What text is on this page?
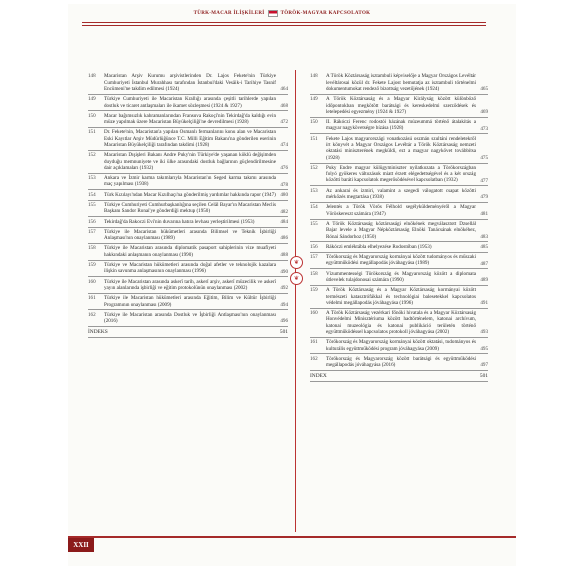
TÜRK-MACAR İLİŞKİLERİ	TÖRÖK-MAGYAR KAPCSOLATOK
148	Macaristan Arşiv Kurumu arşivistlerinden Dr. Lajos Fekete'nin Türkiye Cumhuriyeti İstanbul Murahhası tarafından İstanbul'daki Vesâik-i Tarihiye Tasnif Encümeni'ne takdim edilmesi (1924)	464
149	Türkiye Cumhuriyeti ile Macaristan Krallığı arasında çeşitli tarihlerde yapılan dostluk ve ticaret antlaşmaları ile ikamet sözleşmesi (1924 & 1927)	468
150	Macar bağımsızlık kahramanlarından Fransuva Rakoçi'nin Tekirdağ'da kaldığı evin müze yapılmak üzere Macaristan Büyükelçiliği'ne devredilmesi (1928)	472
151	Dr. Fekete'nin, Macaristan'a yapılan Osmanlı fermanlarını konu alan ve Macaristan Eski Kayıtlar Arşiv Müdürlüğünce T.C. Milli Eğitim Bakanı'na gönderilen eserinin Macaristan Büyükelçiliği tarafından takdimi (1928)	474
152	Macaristan Dışişleri Bakanı Andre Puky'nin Türkiye'de yaşanan köklü değişimden duyduğu memnuniyete ve iki ülke arasındaki dostluk bağlarının güçlendirilmesine dair açıklamaları (1932)	476
153	Ankara ve İzmir karma takımlarıyla Macaristan'ın Seged karma takımı arasında maç yapılması (1938)	478
154	Türk Kızılayı'ndan Macar Kızılhaçı'na gönderilmiş yardımlar hakkında rapor (1947) 480
155	Türkiye Cumhuriyeti Cumhurbaşkanlığına seçilen Celâl Bayar'ın Macaristan Meclis Başkanı Sandor Ronai'ye gönderdiği mektup (1950)	482
156	Tekirdağ'da Rakoczi Evi'nin duvarına hatıra levhası yerleştirilmesi (1953)	484
157	Türkiye ile Macaristan hükümetleri arasında Bilimsel ve Teknik İşbirliği Anlaşması'nın onaylanması (1989)	486
158	Türkiye ile Macaristan arasında diplomatik pasaport sahiplerinin vize muafiyeti hakkındaki anlaşmanın onaylanması (1990)	488
159	Türkiye ve Macaristan hükümetleri arasında doğal afetler ve teknolojik kazalara ilişkin savunma anlaşmasının onaylanması (1996)	490
160	Türkiye ile Macaristan arasında askerî tarih, askerî arşiv, askerî müzecilik ve askerî yayın alanlarında işbirliği ve eğitim protokolünün onaylanması (2002)	492
161	Türkiye ile Macaristan hükümetleri arasında Eğitim, Bilim ve Kültür İşbirliği Programının onaylanması (2009)	494
162	Türkiye ile Macaristan arasında Dostluk ve İşbirliği Antlaşması'nın onaylanması (2016)	496
İNDEKS	501
❦
❦
148	A Török Köztársaság isztambuli képviselője a Magyar Országos Levéltár levéltárosai közül dr. Fekete Lajost bemutatja az isztambuli történelmi dokumentumokat rendező bizottság vezetőjének (1924)	465
149	A Török Köztársaság és a Magyar Királyság között különböző időpontokban megkötött barátsági és kereskedelmi szerződések és letelepedési egyezmény (1924 & 1927)	469
150	II. Rákóczi Ferenc rodostói házának múzeummá történő átalakítás a magyar nagykövetségre bízása (1928)	473
151	Fekete Lajos magyarországi vonatkozású oszmán szultáni rendeletekről írt könyvét a Magyar Országos Levéltár a Török Köztársaság nemzeti oktatási miniszterének megküldi, ezt a magyar nagykövet továbbítsa (1928)	475
152	Puky Endre magyar külügyminiszter nyilatkozata a Törökországban folyó gyökeres változások miatt érzett elégedettségével és a két ország közötti baráti kapcsolatok megerősödésével kapcsolatban (1932)	477
153	Az ankarai és izmiri, valamint a szegedi válogatott csapat közötti mérkőzés megtartása (1938)	479
154	Jelentés a Török Vörös Félhold segélyküldeményéről a Magyar Vöröskereszt számára (1947)	481
155	A Török Köztársaság köztársasági elnökének megválasztott Dzsellál Bajar levele a Magyar Népköztársaság Elnöki Tanácsának elnökéhez, Rónai Sándorhoz (1950)	483
156	Rákóczi emléktábla elhelyezése Rodostóban (1953)	485
157	Törökország és Magyarország kormányai között tudományos és műszaki együttműködési megállapodás jóváhagyása (1989)	487
158	Vízummentességi Törökország és Magyarország között a diplomata útlevelek tulajdonosai számára (1990)	489
159	A Török Köztársaság és a Magyar Köztársaság kormányai között természeti katasztrófákkal és technológiai balesetekkel kapcsolatos védelmi megállapodás jóváhagyása (1996)	491
160	A Török Köztársaság vezérkari főnöki hivatala és a Magyar Köztársaság Honvédelmi Minisztériuma között hadtörténelem, katonai archívum, katonai muzeológia és katonai publikáció területén történő együttműködéssel kapcsolatos protokoll jóváhagyása (2002)	493
161	Törökország és Magyarország kormányai között oktatási, tudományos és kulturális együttműködési program jóváhagyása (2009)	495
162	Törökország és Magyarország között barátsági és együttműködési megállapodás jóváhagyása (2016)	497
INDEX	501
XXII
